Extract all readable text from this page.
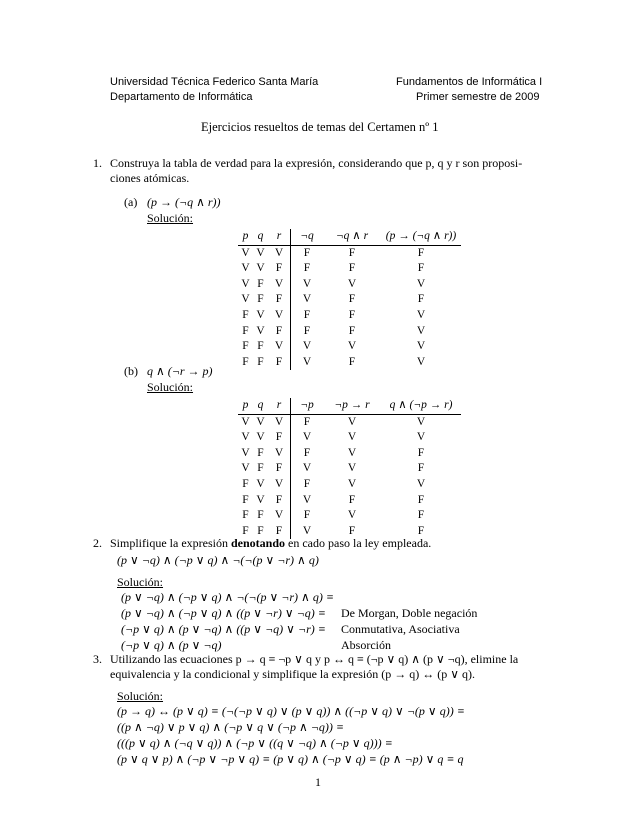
Universidad Técnica Federico Santa María
Departamento de Informática
Fundamentos de Informática I
Primer semestre de 2009
Ejercicios resueltos de temas del Certamen nº 1
1. Construya la tabla de verdad para la expresión, considerando que p, q y r son proposi-
ciones atómicas.
(a) (p → (¬q ∧ r))
Solución:
p	q	r	¬q	¬q ∧ r	(p → (¬q ∧ r))
V	V	V	F	F	F
V	V	F	F	F	F
V	F	V	V	V	V
V	F	F	V	F	F
F	V	V	F	F	V
F	V	F	F	F	V
F	F	V	V	V	V
F	F	F	V	F	V
(b) q ∧ (¬r → p)
Solución:
p	q	r	¬p	¬p → r	q ∧ (¬p → r)
V	V	V	F	V	V
V	V	F	V	V	V
V	F	V	F	V	F
V	F	F	V	V	F
F	V	V	F	V	V
F	V	F	V	F	F
F	F	V	F	V	F
F	F	F	V	F	F
2. Simplifique la expresión denotando en cado paso la ley empleada.
(p ∨ ¬q) ∧ (¬p ∨ q) ∧ ¬(¬(p ∨ ¬r) ∧ q)
Solución:
(p ∨ ¬q) ∧ (¬p ∨ q) ∧ ¬(¬(p ∨ ¬r) ∧ q) ≡
(p ∨ ¬q) ∧ (¬p ∨ q) ∧ ((p ∨ ¬r) ∨ ¬q) ≡ De Morgan, Doble negación
(¬p ∨ q) ∧ (p ∨ ¬q) ∧ ((p ∨ ¬q) ∨ ¬r) ≡ Conmutativa, Asociativa
(¬p ∨ q) ∧ (p ∨ ¬q)	Absorción
3. Utilizando las ecuaciones p → q ≡ ¬p ∨ q y p ↔ q ≡ (¬p ∨ q) ∧ (p ∨ ¬q), elimine la
equivalencia y la condicional y simplifique la expresión (p → q) ↔ (p ∨ q).
Solución:
(p → q) ↔ (p ∨ q) ≡ (¬(¬p ∨ q) ∨ (p ∨ q)) ∧ ((¬p ∨ q) ∨ ¬(p ∨ q)) ≡
((p ∧ ¬q) ∨ p ∨ q) ∧ (¬p ∨ q ∨ (¬p ∧ ¬q)) ≡
(((p ∨ q) ∧ (¬q ∨ q)) ∧ (¬p ∨ ((q ∨ ¬q) ∧ (¬p ∨ q))) ≡
(p ∨ q ∨ p) ∧ (¬p ∨ ¬p ∨ q) ≡ (p ∨ q) ∧ (¬p ∨ q) ≡ (p ∧ ¬p) ∨ q ≡ q
1
